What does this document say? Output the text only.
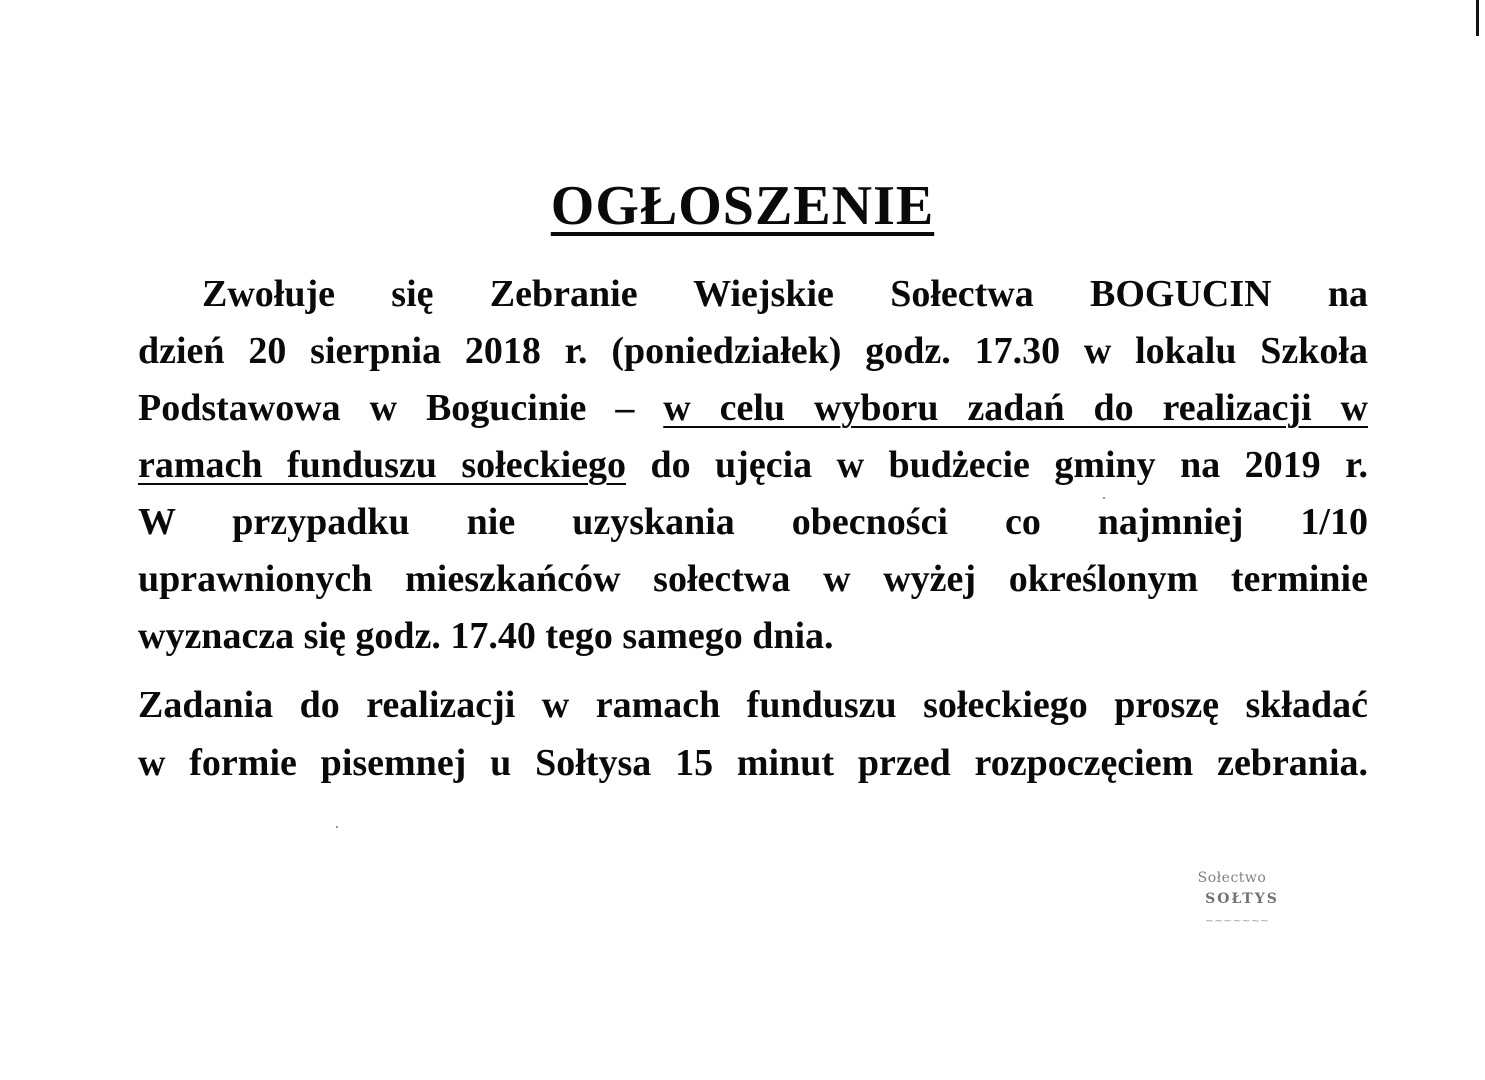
OGŁOSZENIE
Zwołuje się Zebranie Wiejskie Sołectwa BOGUCIN na
dzień 20 sierpnia 2018 r. (poniedziałek) godz. 17.30 w lokalu Szkoła
Podstawowa w Bogucinie – w celu wyboru zadań do realizacji w
ramach funduszu sołeckiego do ujęcia w budżecie gminy na 2019 r.
W przypadku nie uzyskania obecności co najmniej 1/10
uprawnionych mieszkańców sołectwa w wyżej określonym terminie
wyznacza się godz. 17.40 tego samego dnia.
Zadania do realizacji w ramach funduszu sołeckiego proszę składać
w formie pisemnej u Sołtysa 15 minut przed rozpoczęciem zebrania.
Sołectwo
SOŁTYS
~~~~~~~
